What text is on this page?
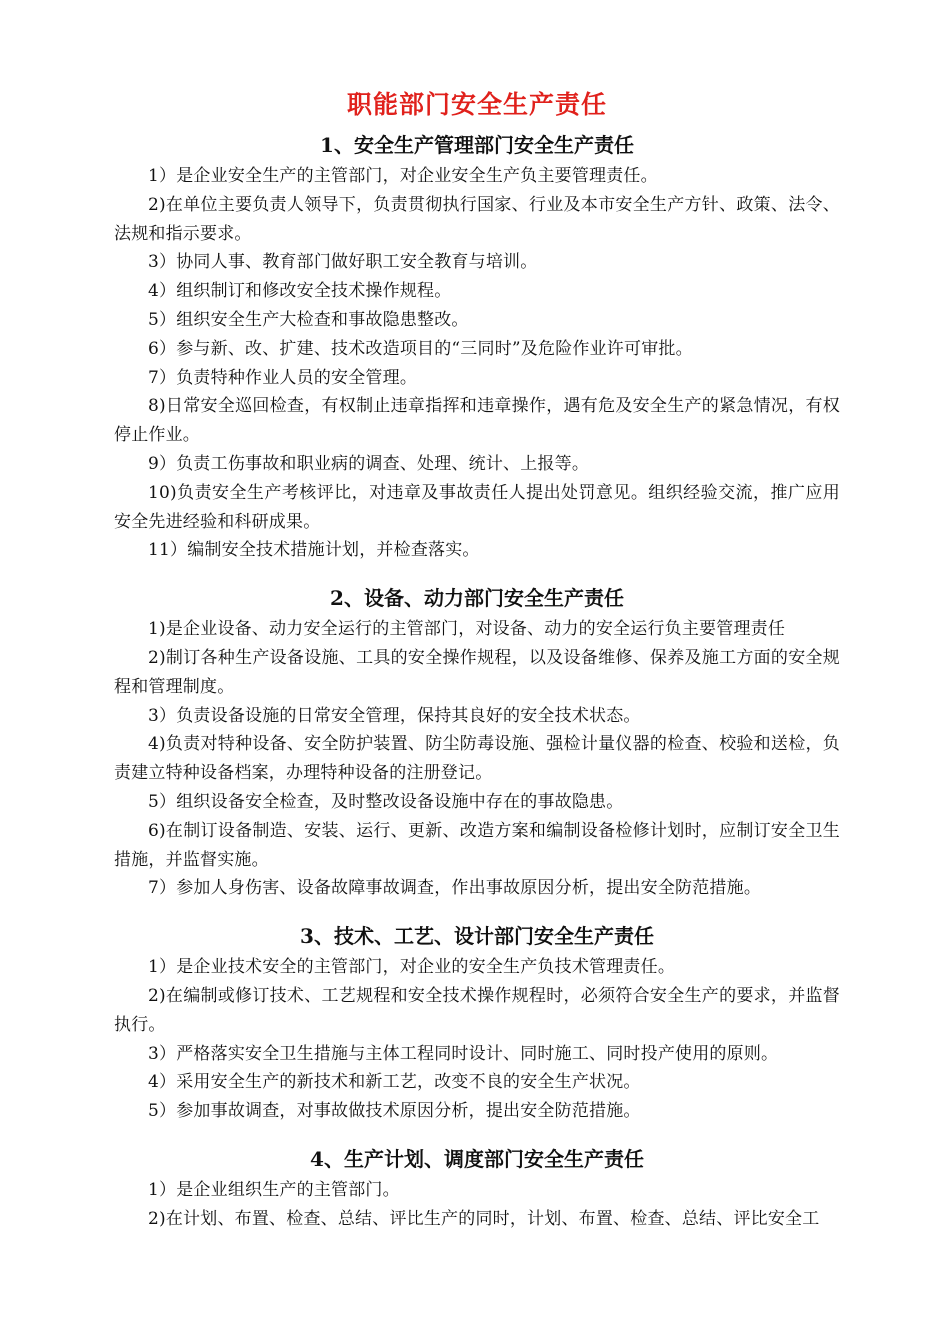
职能部门安全生产责任
1、安全生产管理部门安全生产责任

1）是企业安全生产的主管部门，对企业安全生产负主要管理责任。

2)在单位主要负责人领导下，负责贯彻执行国家、行业及本市安全生产方针、政策、法令、法规和指示要求。

3）协同人事、教育部门做好职工安全教育与培训。

4）组织制订和修改安全技术操作规程。

5）组织安全生产大检查和事故隐患整改。

6）参与新、改、扩建、技术改造项目的“三同时”及危险作业许可审批。

7）负责特种作业人员的安全管理。

8)日常安全巡回检查，有权制止违章指挥和违章操作，遇有危及安全生产的紧急情况，有权停止作业。

9）负责工伤事故和职业病的调查、处理、统计、上报等。

10)负责安全生产考核评比，对违章及事故责任人提出处罚意见。组织经验交流，推广应用安全先进经验和科研成果。

11）编制安全技术措施计划，并检查落实。

2、设备、动力部门安全生产责任

1)是企业设备、动力安全运行的主管部门，对设备、动力的安全运行负主要管理责任

2)制订各种生产设备设施、工具的安全操作规程，以及设备维修、保养及施工方面的安全规程和管理制度。

3）负责设备设施的日常安全管理，保持其良好的安全技术状态。

4)负责对特种设备、安全防护装置、防尘防毒设施、强检计量仪器的检查、校验和送检，负责建立特种设备档案，办理特种设备的注册登记。

5）组织设备安全检查，及时整改设备设施中存在的事故隐患。

6)在制订设备制造、安装、运行、更新、改造方案和编制设备检修计划时，应制订安全卫生措施，并监督实施。

7）参加人身伤害、设备故障事故调查，作出事故原因分析，提出安全防范措施。

3、技术、工艺、设计部门安全生产责任

1）是企业技术安全的主管部门，对企业的安全生产负技术管理责任。

2)在编制或修订技术、工艺规程和安全技术操作规程时，必须符合安全生产的要求，并监督执行。

3）严格落实安全卫生措施与主体工程同时设计、同时施工、同时投产使用的原则。

4）采用安全生产的新技术和新工艺，改变不良的安全生产状况。

5）参加事故调查，对事故做技术原因分析，提出安全防范措施。

4、生产计划、调度部门安全生产责任

1）是企业组织生产的主管部门。

2)在计划、布置、检查、总结、评比生产的同时，计划、布置、检查、总结、评比安全工
